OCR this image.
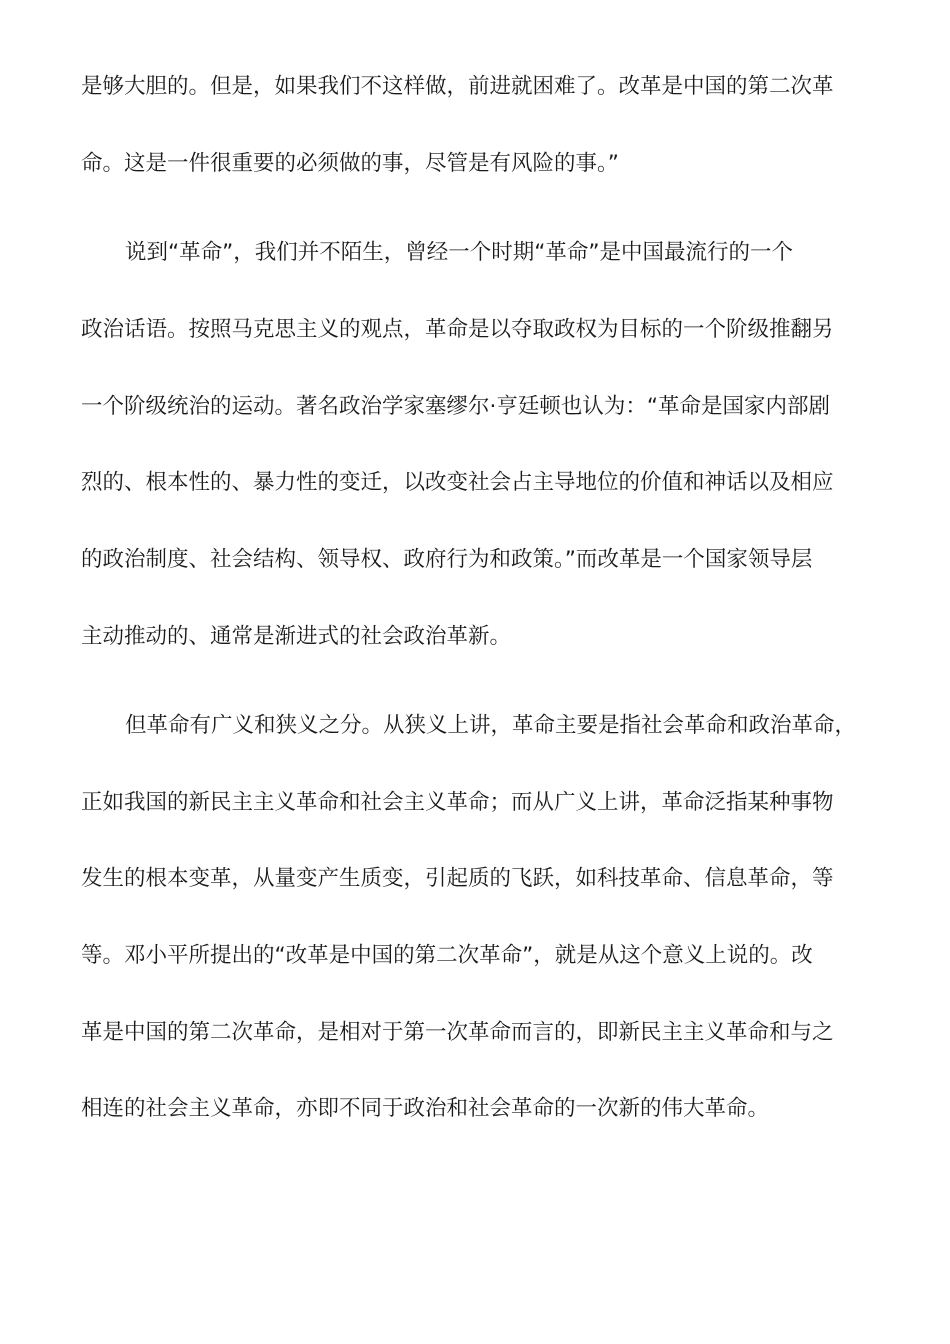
是够大胆的。但是，如果我们不这样做，前进就困难了。改革是中国的第二次革
命。这是一件很重要的必须做的事，尽管是有风险的事。”
说到“革命”，我们并不陌生，曾经一个时期“革命”是中国最流行的一个
政治话语。按照马克思主义的观点，革命是以夺取政权为目标的一个阶级推翻另
一个阶级统治的运动。著名政治学家塞缪尔·亨廷顿也认为：“革命是国家内部剧
烈的、根本性的、暴力性的变迁，以改变社会占主导地位的价值和神话以及相应
的政治制度、社会结构、领导权、政府行为和政策。”而改革是一个国家领导层
主动推动的、通常是渐进式的社会政治革新。
但革命有广义和狭义之分。从狭义上讲，革命主要是指社会革命和政治革命，
正如我国的新民主主义革命和社会主义革命；而从广义上讲，革命泛指某种事物
发生的根本变革，从量变产生质变，引起质的飞跃，如科技革命、信息革命，等
等。邓小平所提出的“改革是中国的第二次革命”，就是从这个意义上说的。改
革是中国的第二次革命，是相对于第一次革命而言的，即新民主主义革命和与之
相连的社会主义革命，亦即不同于政治和社会革命的一次新的伟大革命。
